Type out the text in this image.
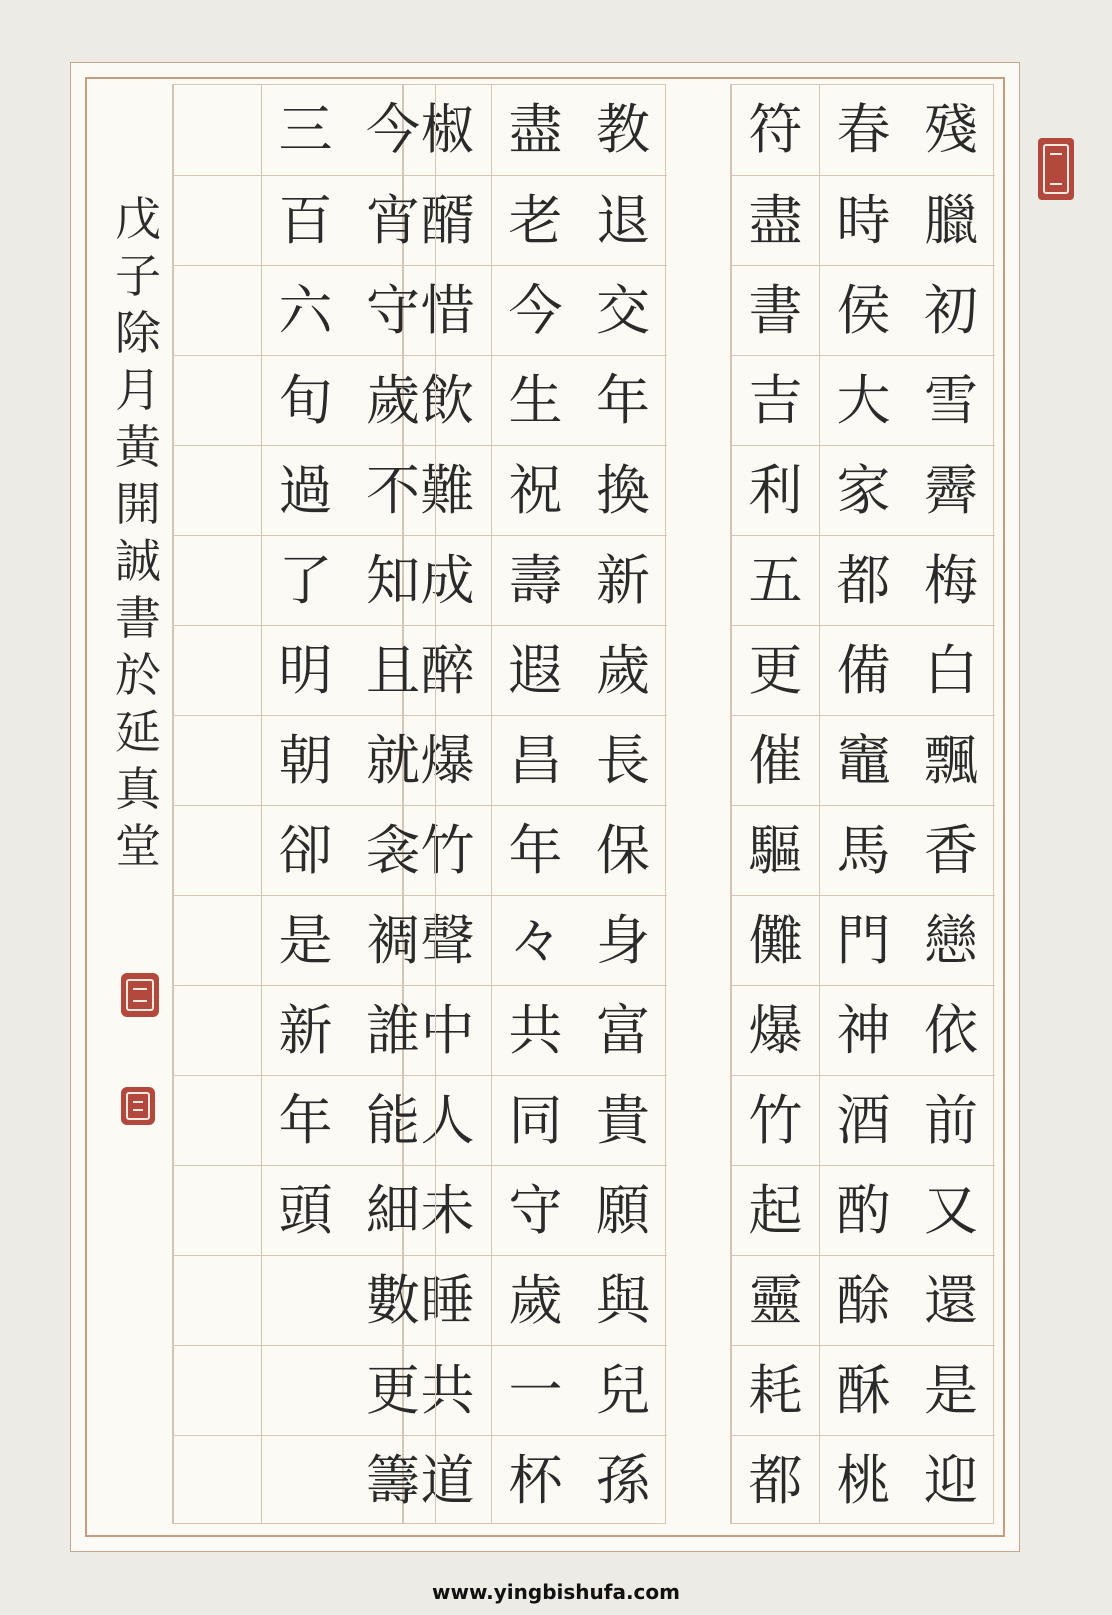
殘
臘
初
雪
霽
梅
白
飄
香
戀
依
前
又
還
是
迎
春
時
侯
大
家
都
備
竈
馬
門
神
酒
酌
酴
酥
桃
符
盡
書
吉
利
五
更
催
驅
儺
爆
竹
起
靈
耗
都
教
退
交
年
換
新
歲
長
保
身
富
貴
願
與
兒
孫
盡
老
今
生
祝
壽
遐
昌
年
々
共
同
守
歲
一
杯
椒
醑
惜
飲
難
成
醉
爆
竹
聲
中
人
未
睡
共
道
今
宵
守
歲
不
知
且
就
衾
裯
誰
能
細
數
更
籌
三
百
六
旬
過
了
明
朝
卻
是
新
年
頭
戊
子
除
月
黃
開
誠
書
於
延
真
堂
www.yingbishufa.com
